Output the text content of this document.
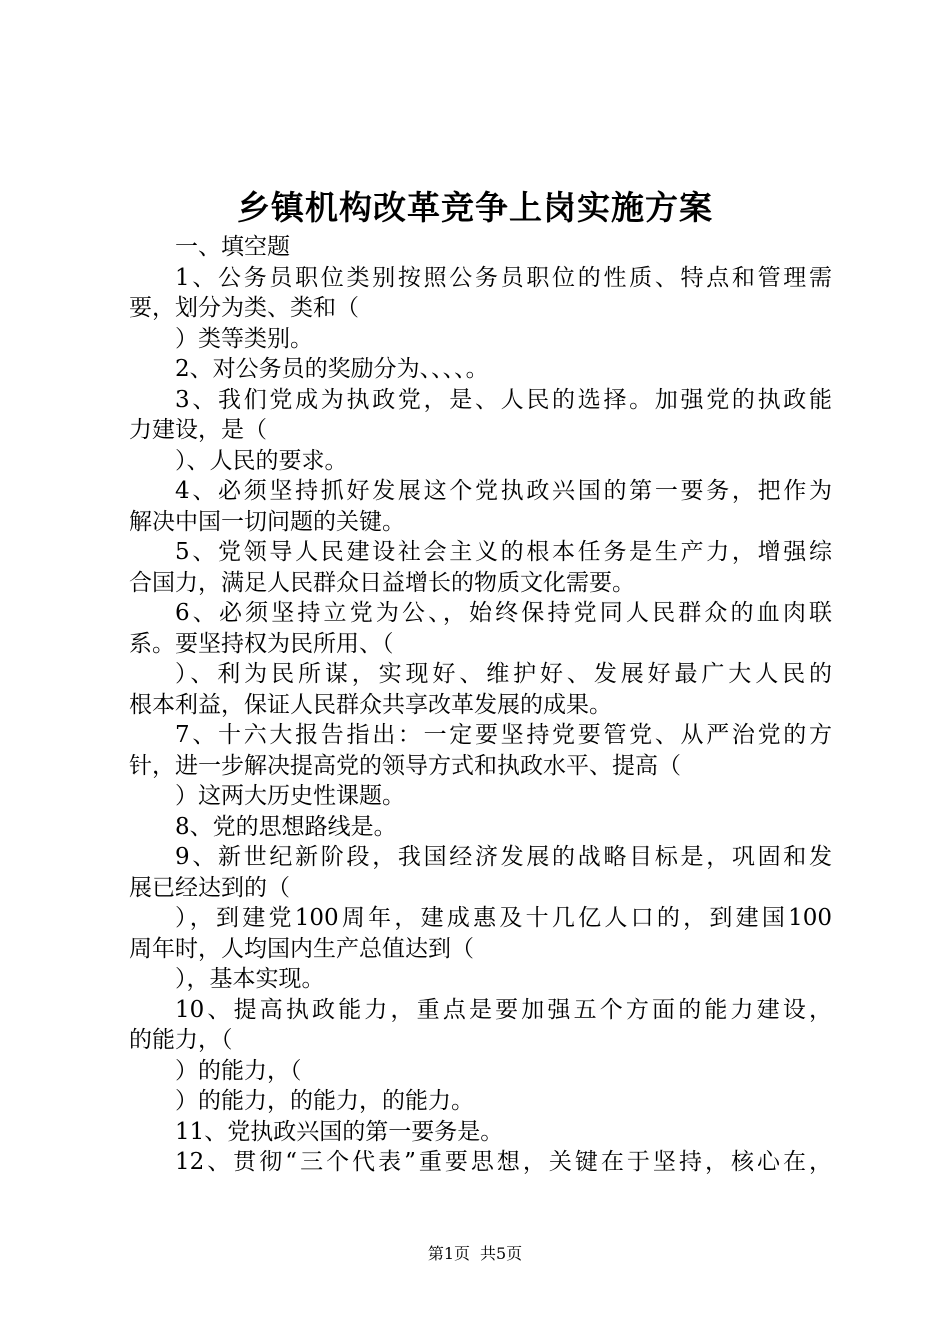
乡镇机构改革竞争上岗实施方案
一、填空题
1、公务员职位类别按照公务员职位的性质、特点和管理需
要，划分为类、类和（
）类等类别。
2、对公务员的奖励分为、、、、。
3、我们党成为执政党，是、人民的选择。加强党的执政能
力建设，是（
）、人民的要求。
4、必须坚持抓好发展这个党执政兴国的第一要务，把作为
解决中国一切问题的关键。
5、党领导人民建设社会主义的根本任务是生产力，增强综
合国力，满足人民群众日益增长的物质文化需要。
6、必须坚持立党为公、，始终保持党同人民群众的血肉联
系。要坚持权为民所用、（
）、利为民所谋，实现好、维护好、发展好最广大人民的
根本利益，保证人民群众共享改革发展的成果。
7、十六大报告指出：一定要坚持党要管党、从严治党的方
针，进一步解决提高党的领导方式和执政水平、提高（
）这两大历史性课题。
8、党的思想路线是。
9、新世纪新阶段，我国经济发展的战略目标是，巩固和发
展已经达到的（
），到建党100周年，建成惠及十几亿人口的，到建国100
周年时，人均国内生产总值达到（
），基本实现。
10、提高执政能力，重点是要加强五个方面的能力建设，
的能力，（
）的能力，（
）的能力，的能力，的能力。
11、党执政兴国的第一要务是。
12、贯彻“三个代表”重要思想，关键在于坚持，核心在，
第1页 共5页
